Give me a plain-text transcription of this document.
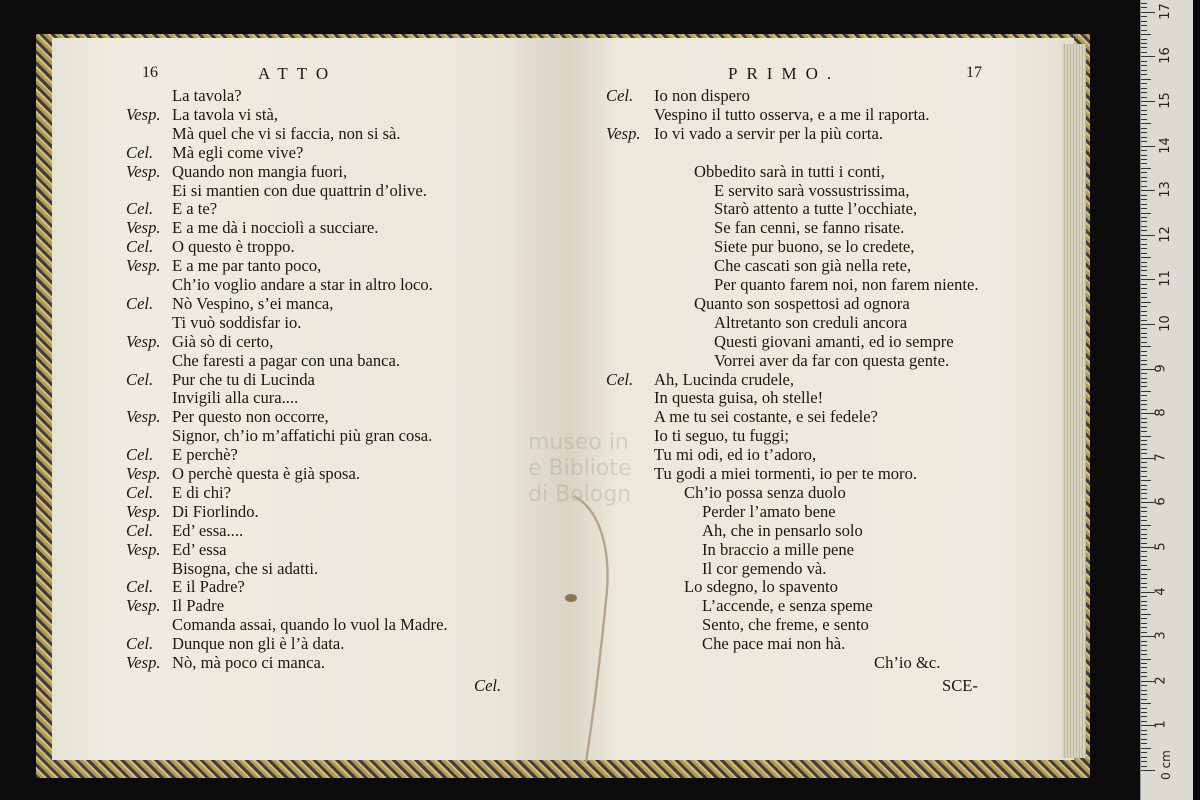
16	ATTO
La tavola?
Vesp. La tavola vi stà,
Mà quel che vi si faccia, non si sà.
Cel. Mà egli come vive?
Vesp. Quando non mangia fuori,
Ei si mantien con due quattrin d’olive.
Cel. E a te?
Vesp. E a me dà i nocciolì a succiare.
Cel. O questo è troppo.
Vesp. E a me par tanto poco,
Ch’io voglio andare a star in altro loco.
Cel. Nò Vespino, s’ei manca,
Ti vuò soddisfar io.
Vesp. Già sò di certo,
Che faresti a pagar con una banca.
Cel. Pur che tu di Lucinda
Invigili alla cura....
Vesp. Per questo non occorre,
Signor, ch’io m’affatichi più gran cosa.
Cel. E perchè?
Vesp. O perchè questa è già sposa.
Cel. E di chi?
Vesp. Di Fiorlindo.
Cel. Ed’ essa....
Vesp. Ed’ essa
Bisogna, che si adatti.
Cel. E il Padre?
Vesp. Il Padre
Comanda assai, quando lo vuol la Madre.
Cel. Dunque non gli è l’à data.
Vesp. Nò, mà poco ci manca.
Cel.
PRIMO.	17
Cel. Io non dispero
Vespino il tutto osserva, e a me il raporta.
Vesp. Io vi vado a servir per la più corta.
Obbedito sarà in tutti i conti,
E servito sarà vossustrissima,
Starò attento a tutte l’occhiate,
Se fan cenni, se fanno risate.
Siete pur buono, se lo credete,
Che cascati son già nella rete,
Per quanto farem noi, non farem niente.
Quanto son sospettosi ad ognora
Altretanto son creduli ancora
Questi giovani amanti, ed io sempre
Vorrei aver da far con questa gente.
Cel. Ah, Lucinda crudele,
In questa guisa, oh stelle!
A me tu sei costante, e sei fedele?
Io ti seguo, tu fuggi;
Tu mi odi, ed io t’adoro,
Tu godi a miei tormenti, io per te moro.
Ch’io possa senza duolo
Perder l’amato bene
Ah, che in pensarlo solo
In braccio a mille pene
Il cor gemendo và.
Lo sdegno, lo spavento
L’accende, e senza speme
Sento, che freme, e sento
Che pace mai non hà.
Ch’io &c.
SCE-
museo in
e Bibliote
di Bologn
0 cm
1
2
3
4
5
6
7
8
9
10
11
12
13
14
15
16
17
